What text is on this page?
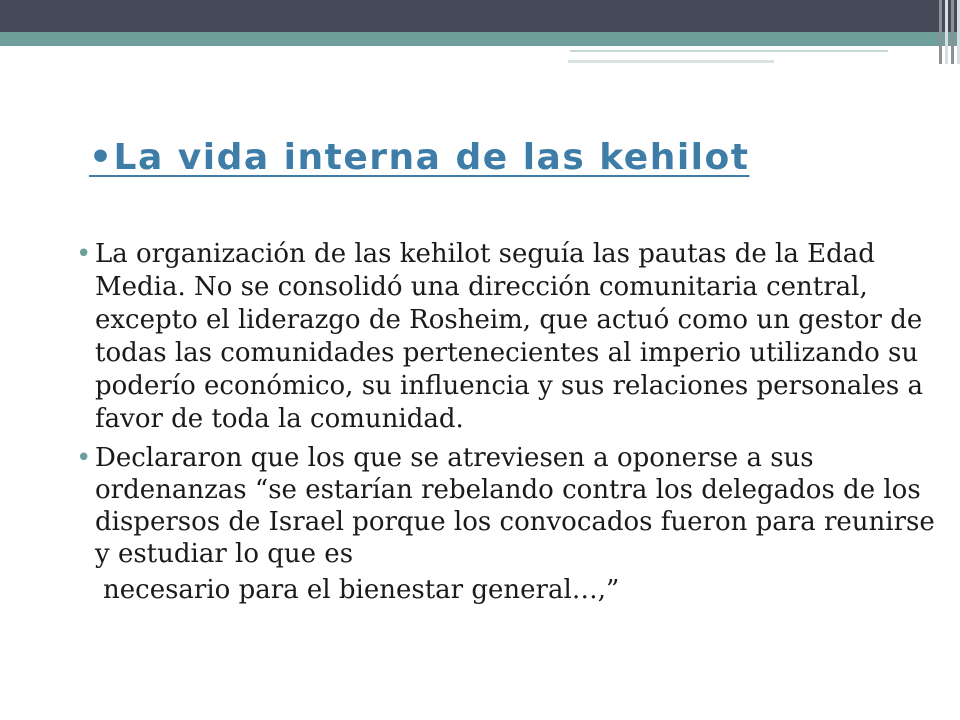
•La vida interna de las kehilot
• La organización de las kehilot seguía las pautas de la Edad Media. No se consolidó una dirección comunitaria central, excepto el liderazgo de Rosheim, que actuó como un gestor de todas las comunidades pertenecientes al imperio utilizando su poderío económico, su influencia y sus relaciones personales a favor de toda la comunidad.
• Declararon que los que se atreviesen a oponerse a sus ordenanzas “se estarían rebelando contra los delegados de los dispersos de Israel porque los convocados fueron para reunirse y estudiar lo que es
necesario para el bienestar general…,”
